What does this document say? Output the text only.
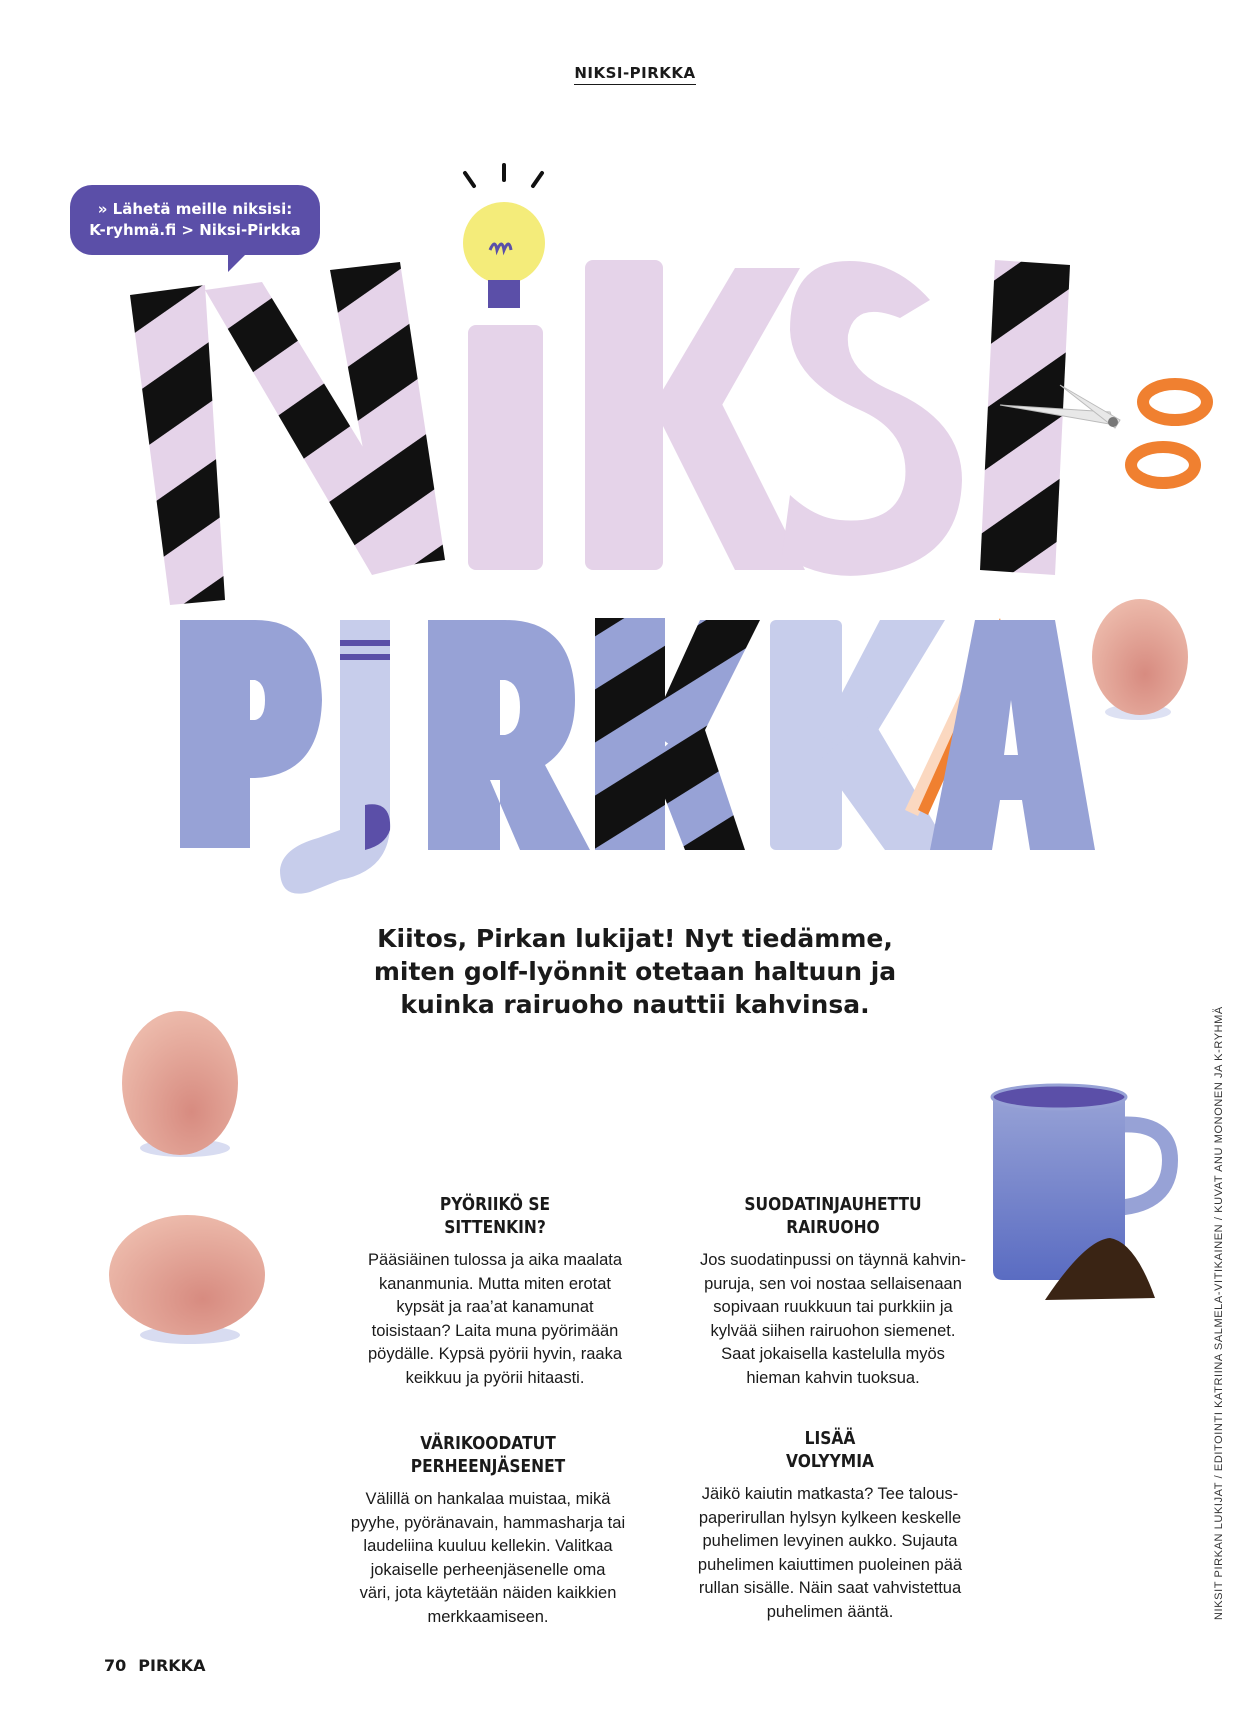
NIKSI-PIRKKA
» Lähetä meille niksisi:
K-ryhmä.fi > Niksi-Pirkka
Kiitos, Pirkan lukijat! Nyt tiedämme,
miten golf-lyönnit otetaan haltuun ja
kuinka rairuoho nauttii kahvinsa.
PYÖRIIKÖ SE
SITTENKIN?

Pääsiäinen tulossa ja aika maalata
kananmunia. Mutta miten erotat
kypsät ja raa’at kanamunat
toisistaan? Laita muna pyörimään
pöydälle. Kypsä pyörii hyvin, raaka
keikkuu ja pyörii hitaasti.

SUODATINJAUHETTU
RAIRUOHO

Jos suodatinpussi on täynnä kahvin-
puruja, sen voi nostaa sellaisenaan
sopivaan ruukkuun tai purkkiin ja
kylvää siihen rairuohon siemenet.
Saat jokaisella kastelulla myös
hieman kahvin tuoksua.

VÄRIKOODATUT
PERHEENJÄSENET

Välillä on hankalaa muistaa, mikä
pyyhe, pyöränavain, hammasharja tai
laudeliina kuuluu kellekin. Valitkaa
jokaiselle perheenjäsenelle oma
väri, jota käytetään näiden kaikkien
merkkaamiseen.

LISÄÄ
VOLYYMIA

Jäikö kaiutin matkasta? Tee talous-
paperirullan hylsyn kylkeen keskelle
puhelimen levyinen aukko. Sujauta
puhelimen kaiuttimen puoleinen pää
rullan sisälle. Näin saat vahvistettua
puhelimen ääntä.	NIKSIT PIRKAN LUKIJAT / EDITOINTI KATRIINA SALMELA-VITIKAINEN / KUVAT ANU MONONEN JA K-RYHMÄ
70 PIRKKA
